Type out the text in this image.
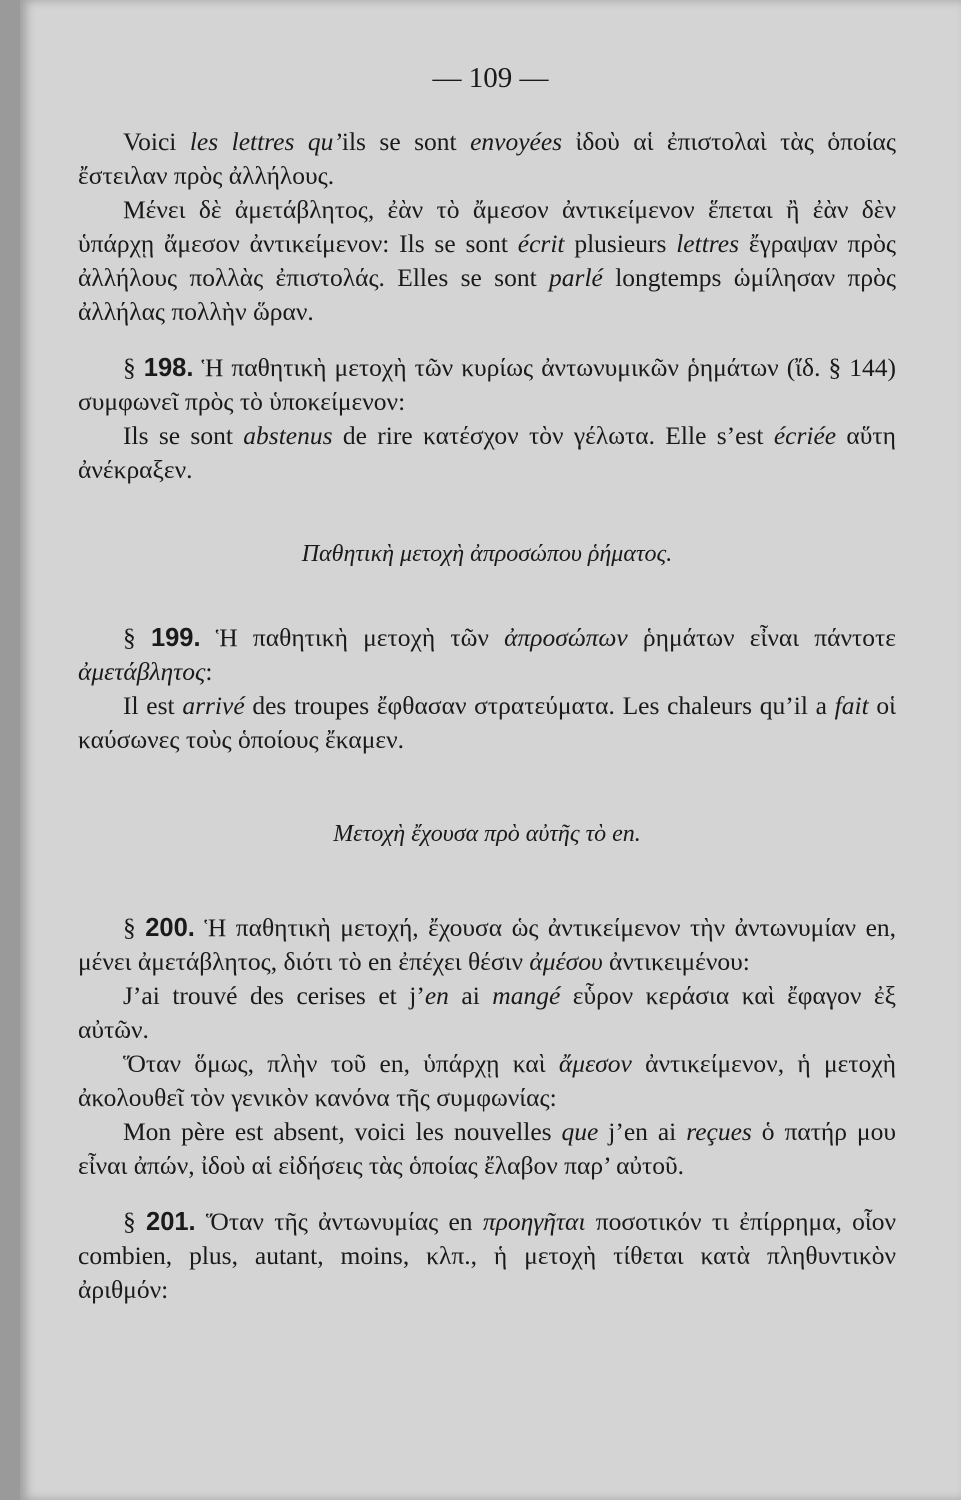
— 109 —

Voici les lettres qu’ils se sont envoyées ἰδοὺ αἱ ἐπιστολαὶ τὰς ὁποίας ἔστειλαν πρὸς ἀλλήλους.

Μένει δὲ ἀμετάβλητος, ἐὰν τὸ ἄμεσον ἀντικείμενον ἕπεται ἢ ἐὰν δὲν ὑπάρχῃ ἄμεσον ἀντικείμενον: Ils se sont écrit plusieurs lettres ἔγραψαν πρὸς ἀλλήλους πολλὰς ἐπιστολάς. Elles se sont parlé longtemps ὡμίλησαν πρὸς ἀλλήλας πολλὴν ὥραν.

§ 198. Ἡ παθητικὴ μετοχὴ τῶν κυρίως ἀντωνυμικῶν ῥημάτων (ἴδ. § 144) συμφωνεῖ πρὸς τὸ ὑποκείμενον:

Ils se sont abstenus de rire κατέσχον τὸν γέλωτα. Elle s’est écriée αὕτη ἀνέκραξεν.

Παθητικὴ μετοχὴ ἀπροσώπου ῥήματος.

§ 199. Ἡ παθητικὴ μετοχὴ τῶν ἀπροσώπων ῥημάτων εἶναι πάντοτε ἀμετάβλητος:

Il est arrivé des troupes ἔφθασαν στρατεύματα. Les chaleurs qu’il a fait οἱ καύσωνες τοὺς ὁποίους ἔκαμεν.

Μετοχὴ ἔχουσα πρὸ αὐτῆς τὸ en.

§ 200. Ἡ παθητικὴ μετοχή, ἔχουσα ὡς ἀντικείμενον τὴν ἀντωνυμίαν en, μένει ἀμετάβλητος, διότι τὸ en ἐπέχει θέσιν ἀμέσου ἀντικειμένου:

J’ai trouvé des cerises et j’en ai mangé εὗρον κεράσια καὶ ἔφαγον ἐξ αὐτῶν.

Ὅταν ὅμως, πλὴν τοῦ en, ὑπάρχῃ καὶ ἄμεσον ἀντικείμενον, ἡ μετοχὴ ἀκολουθεῖ τὸν γενικὸν κανόνα τῆς συμφωνίας:

Mon père est absent, voici les nouvelles que j’en ai reçues ὁ πατήρ μου εἶναι ἀπών, ἰδοὺ αἱ εἰδήσεις τὰς ὁποίας ἔλαβον παρ’ αὐτοῦ.

§ 201. Ὅταν τῆς ἀντωνυμίας en προηγῆται ποσοτικόν τι ἐπίρρημα, οἷον combien, plus, autant, moins, κλπ., ἡ μετοχὴ τίθεται κατὰ πληθυντικὸν ἀριθμόν:
